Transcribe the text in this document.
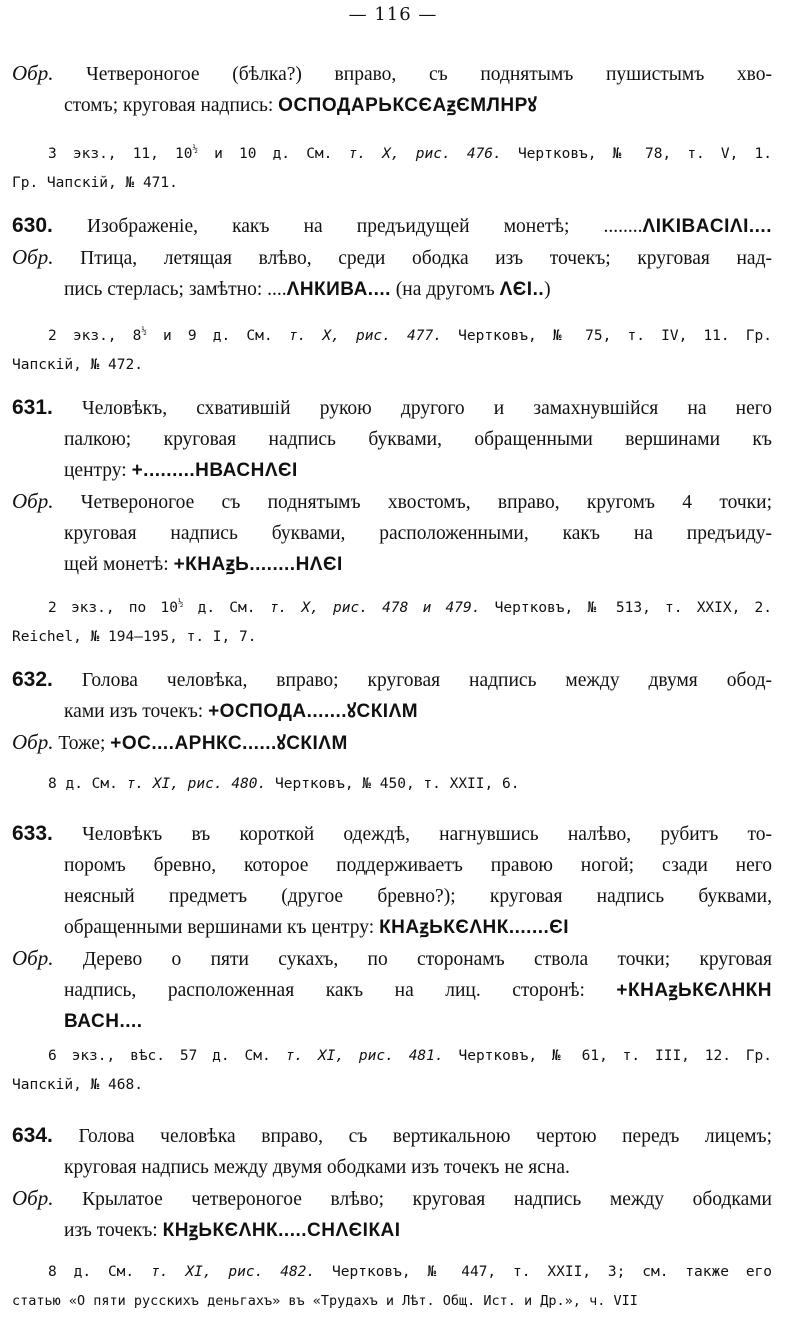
— 116 —
Обр. Четвероногое (бѣлка?) вправо, съ поднятымъ пушистымъ хво-
стомъ; круговая надпись: ОСПОДАРЬКСЄАꙃЄМЛНРꙋ
3 экз., 11, $10^{\frac{1}{2}}$ и 10 д. См. т. X, рис. 476. Чертковъ, № 78, т. V, 1.
Гр. Чапскій, № 471.
630. Изображеніе, какъ на предъидущей монетѣ; ........ΛΙΚΙΒΑCΙΛΙ....
Обр. Птица, летящая влѣво, среди ободка изъ точекъ; круговая над-
пись стерлась; замѣтно: ....ΛНКИВА.... (на другомъ ΛЄΙ..)
2 экз., $8^{\frac{1}{2}}$ и 9 д. См. т. X, рис. 477. Чертковъ, № 75, т. IV, 11. Гр.
Чапскій, № 472.
631. Человѣкъ, схватившій рукою другого и замахнувшійся на него
палкою; круговая надпись буквами, обращенными вершинами къ
центру: +.........НВАСНΛЄΙ
Обр. Четвероногое съ поднятымъ хвостомъ, вправо, кругомъ 4 точки;
круговая надпись буквами, расположенными, какъ на предъиду-
щей монетѣ: +КНАꙃЬ........НΛЄΙ
2 экз., по $10^{\frac{1}{2}}$ д. См. т. X, рис. 478 и 479. Чертковъ, № 513, т. XXIX, 2.
Reichel, № 194—195, т. I, 7.
632. Голова человѣка, вправо; круговая надпись между двумя обод-
ками изъ точекъ: +ОСПОДА.......ꙋСКІΛМ
Обр. Тоже; +ОС....АРНКС......ꙋСКІΛМ
8 д. См. т. XI, рис. 480. Чертковъ, № 450, т. XXII, 6.
633. Человѣкъ въ короткой одеждѣ, нагнувшись налѣво, рубитъ то-
поромъ бревно, которое поддерживаетъ правою ногой; сзади него
неясный предметъ (другое бревно?); круговая надпись буквами,
обращенными вершинами къ центру: КНАꙃЬКЄΛНК.......ЄΙ
Обр. Дерево о пяти сукахъ, по сторонамъ ствола точки; круговая
надпись, расположенная какъ на лиц. сторонѣ: +КНАꙃЬКЄΛНКН
ВАСН....
6 экз., вѣс. 57 д. См. т. XI, рис. 481. Чертковъ, № 61, т. III, 12. Гр.
Чапскій, № 468.
634. Голова человѣка вправо, съ вертикальною чертою передъ лицемъ;
круговая надпись между двумя ободками изъ точекъ не ясна.
Обр. Крылатое четвероногое влѣво; круговая надпись между ободками
изъ точекъ: КНꙃЬКЄΛНК.....СНΛЄІКАΙ
8 д. См. т. XI, рис. 482. Чертковъ, № 447, т. XXII, 3; см. также его
статью «О пяти русскихъ деньгахъ» въ «Трудахъ и Лѣт. Общ. Ист. и Др.», ч. VII
